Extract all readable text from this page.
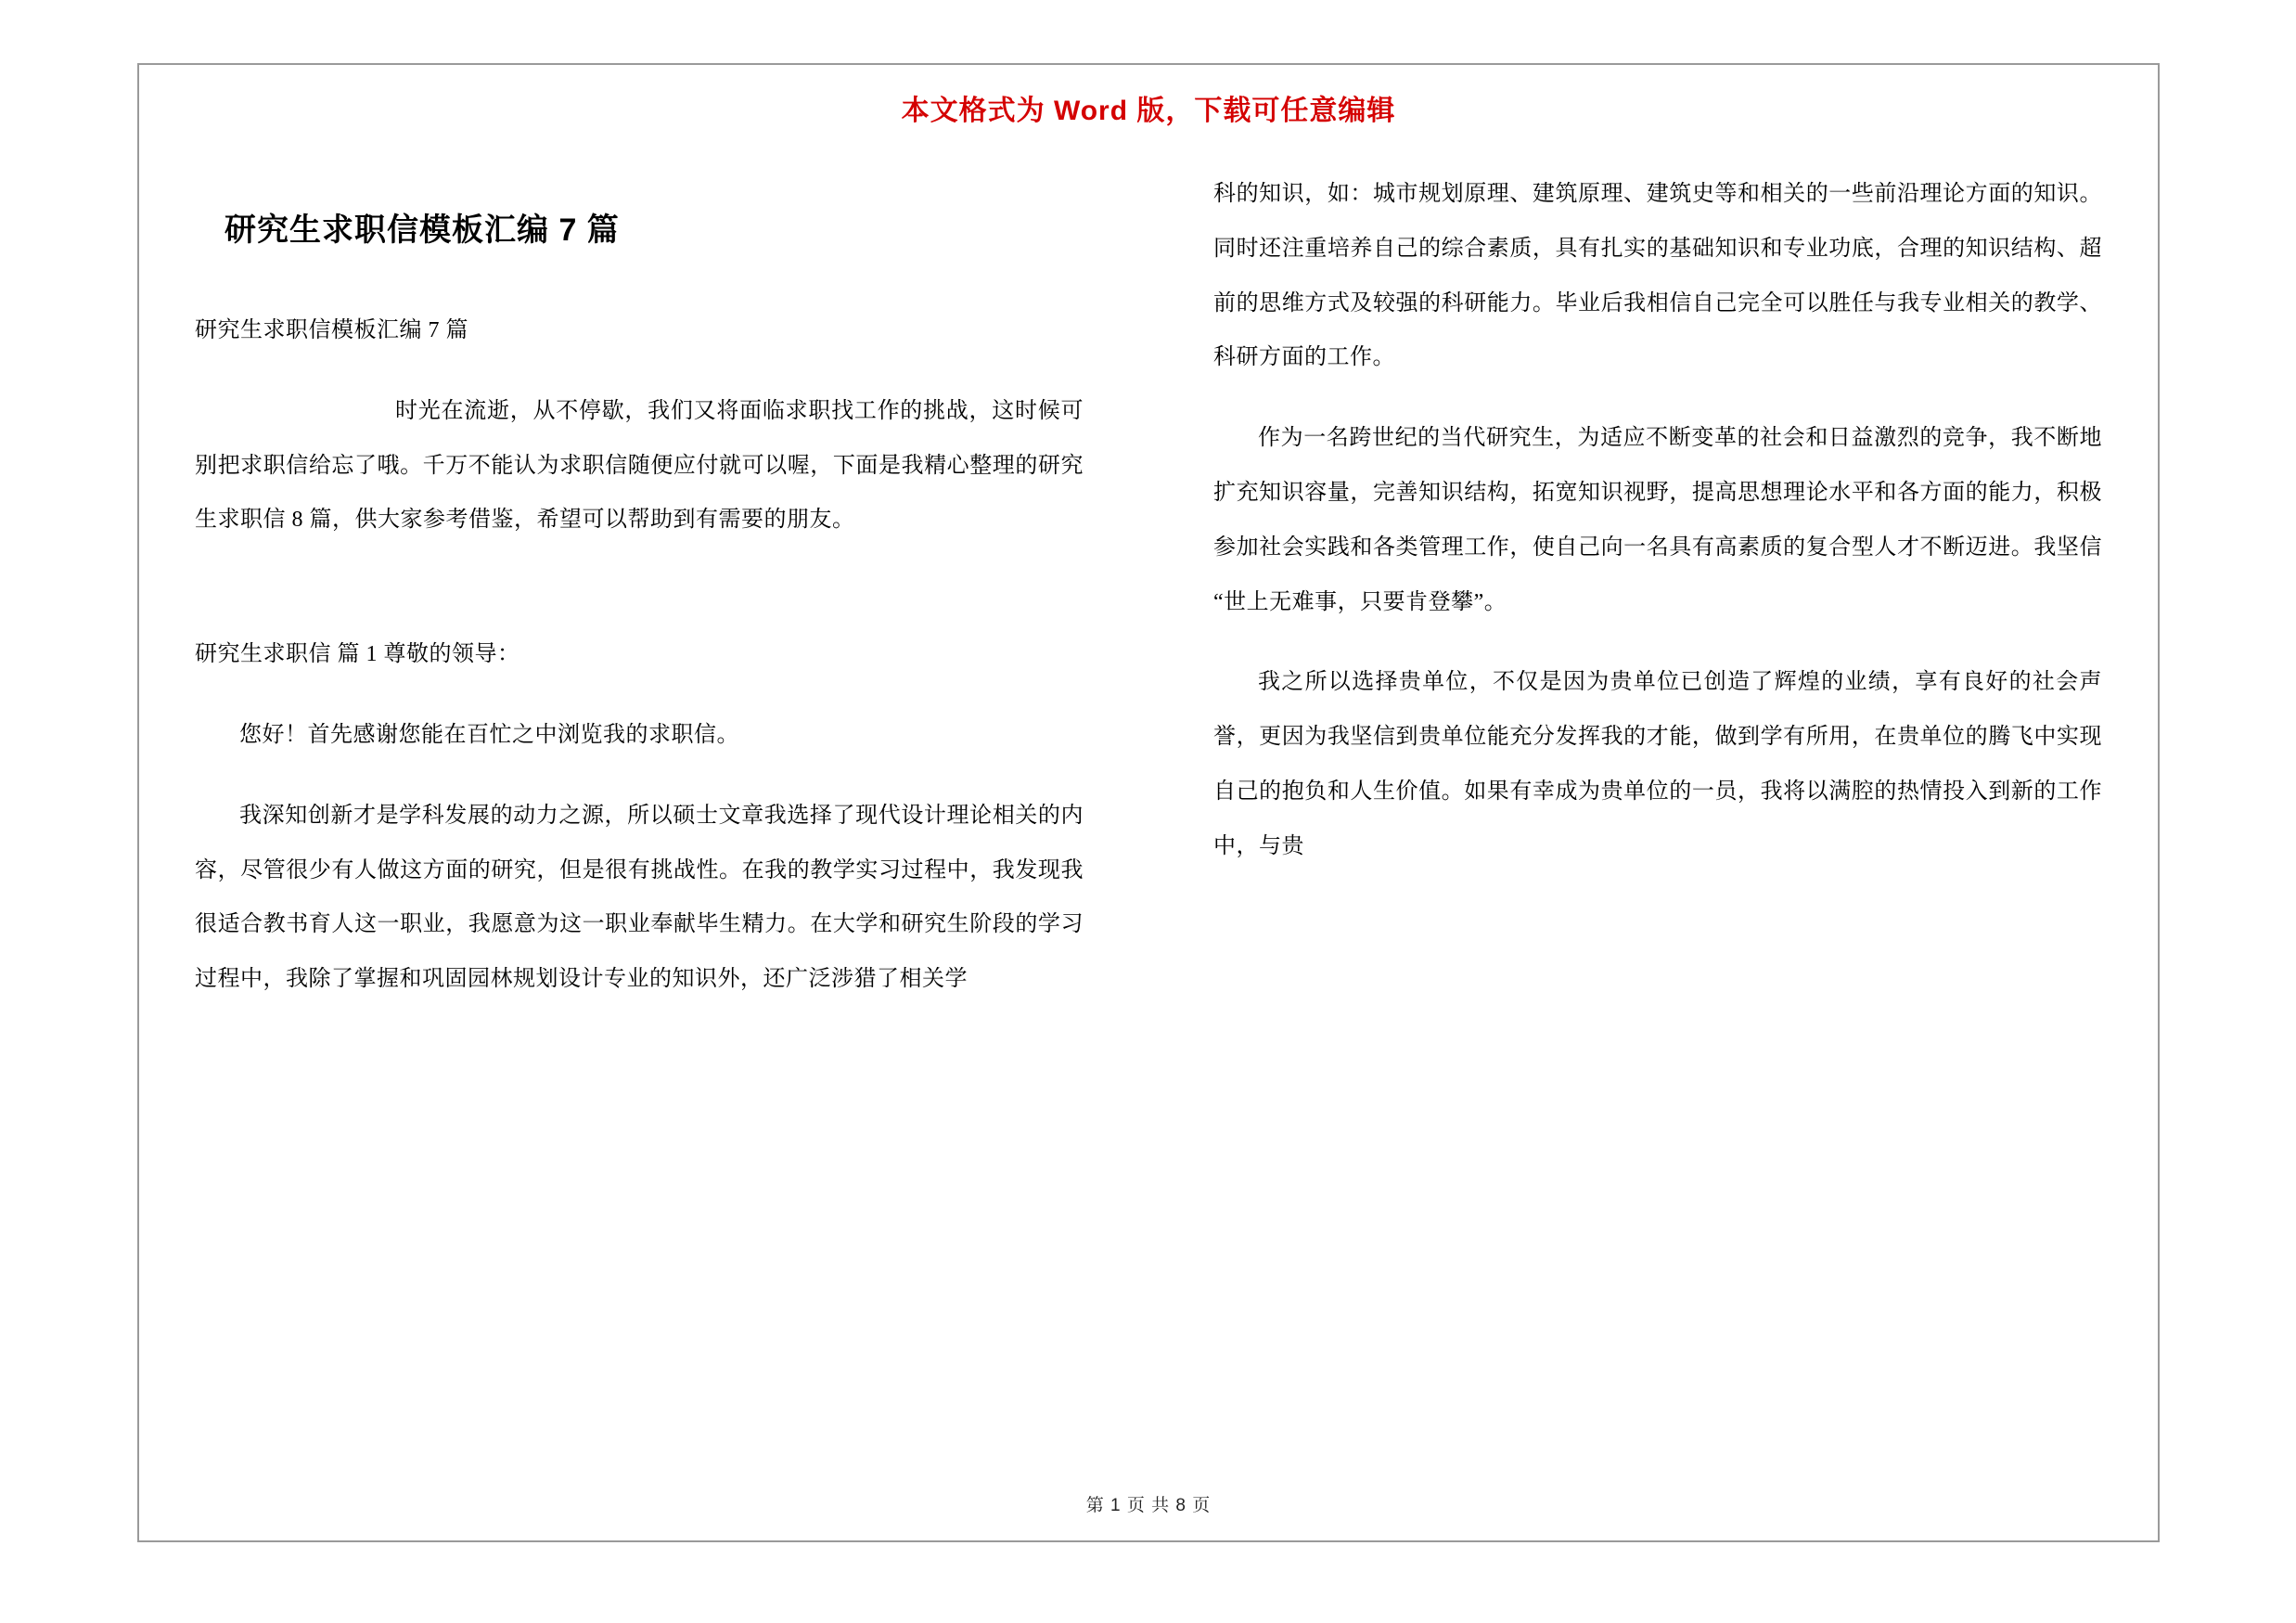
本文格式为 Word 版，下载可任意编辑
研究生求职信模板汇编 7 篇

研究生求职信模板汇编 7 篇

时光在流逝，从不停歇，我们又将面临求职找工作的挑战，这时候可别把求职信给忘了哦。千万不能认为求职信随便应付就可以喔，下面是我精心整理的研究生求职信 8 篇，供大家参考借鉴，希望可以帮助到有需要的朋友。

研究生求职信 篇 1 尊敬的领导：

您好！首先感谢您能在百忙之中浏览我的求职信。

我深知创新才是学科发展的动力之源，所以硕士文章我选择了现代设计理论相关的内容，尽管很少有人做这方面的研究，但是很有挑战性。在我的教学实习过程中，我发现我很适合教书育人这一职业，我愿意为这一职业奉献毕生精力。在大学和研究生阶段的学习过程中，我除了掌握和巩固园林规划设计专业的知识外，还广泛涉猎了相关学

科的知识，如：城市规划原理、建筑原理、建筑史等和相关的一些前沿理论方面的知识。同时还注重培养自己的综合素质，具有扎实的基础知识和专业功底，合理的知识结构、超前的思维方式及较强的科研能力。毕业后我相信自己完全可以胜任与我专业相关的教学、科研方面的工作。

作为一名跨世纪的当代研究生，为适应不断变革的社会和日益激烈的竞争，我不断地扩充知识容量，完善知识结构，拓宽知识视野，提高思想理论水平和各方面的能力，积极参加社会实践和各类管理工作，使自己向一名具有高素质的复合型人才不断迈进。我坚信“世上无难事，只要肯登攀”。

我之所以选择贵单位，不仅是因为贵单位已创造了辉煌的业绩，享有良好的社会声誉，更因为我坚信到贵单位能充分发挥我的才能，做到学有所用，在贵单位的腾飞中实现自己的抱负和人生价值。如果有幸成为贵单位的一员，我将以满腔的热情投入到新的工作中，与贵

第 1 页 共 8 页
